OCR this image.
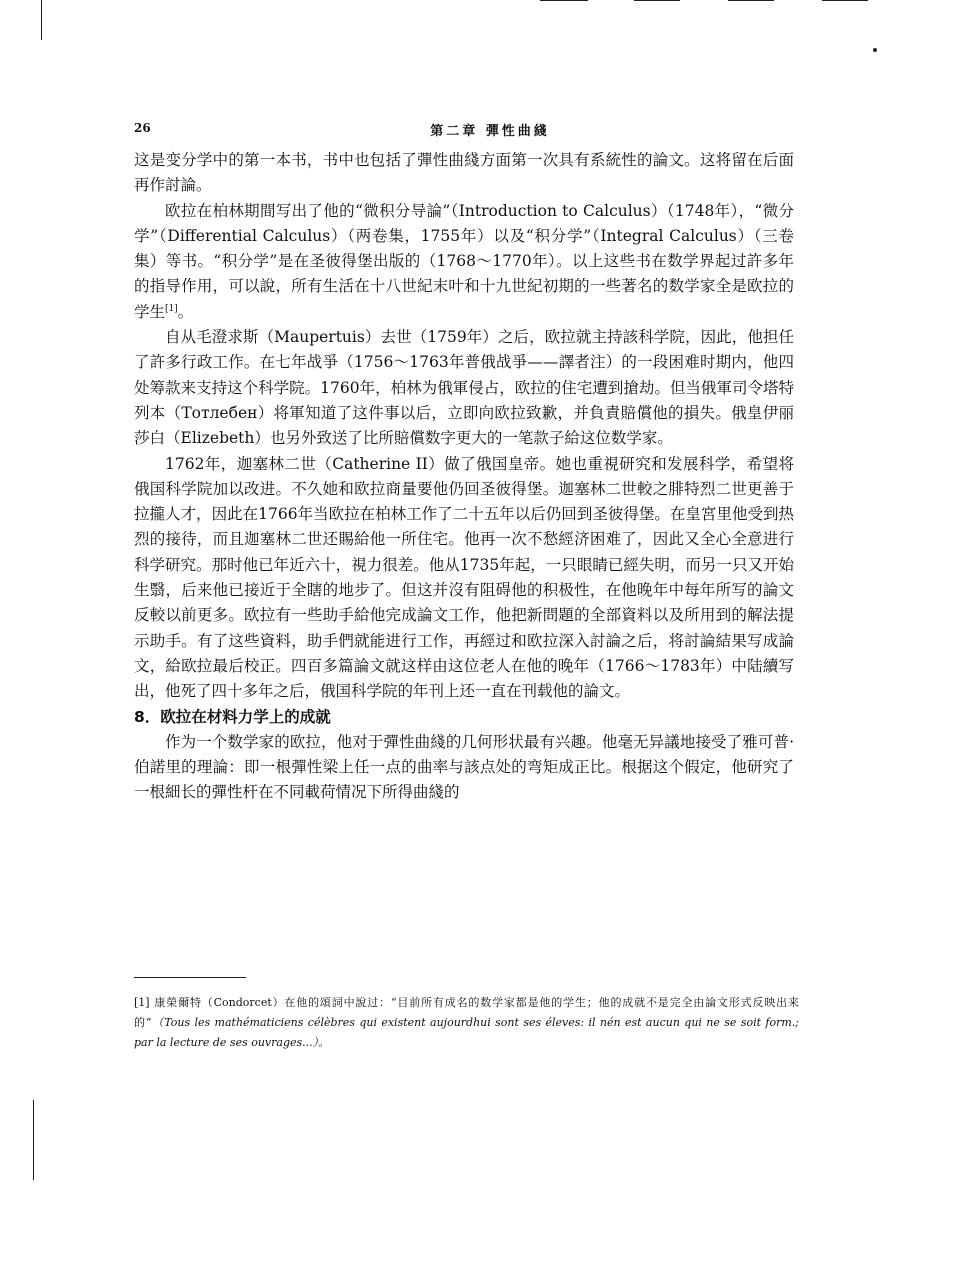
26	第二章 彈性曲綫

这是变分学中的第一本书，书中也包括了彈性曲綫方面第一次具有系統性的論文。这将留在后面再作討論。

欧拉在柏林期間写出了他的“微积分导論”（Introduction to Calculus）（1748年），“微分学”（Differential Calculus）（两卷集，1755年）以及“积分学”（Integral Calculus）（三卷集）等书。“积分学”是在圣彼得堡出版的（1768～1770年）。以上这些书在数学界起过許多年的指导作用，可以說，所有生活在十八世紀末叶和十九世紀初期的一些著名的数学家全是欧拉的学生[1]。

自从毛澄求斯（Maupertuis）去世（1759年）之后，欧拉就主持該科学院，因此，他担任了許多行政工作。在七年战爭（1756～1763年普俄战爭——譯者注）的一段困难时期内，他四处筹款来支持这个科学院。1760年，柏林为俄軍侵占，欧拉的住宅遭到搶劫。但当俄軍司令塔特列本（Тотлебен）将軍知道了这件事以后，立即向欧拉致歉，并負責賠償他的損失。俄皇伊丽莎白（Elizebeth）也另外致送了比所賠償数字更大的一笔款子給这位数学家。

1762年，迦塞林二世（Catherine II）做了俄国皇帝。她也重視研究和发展科学，希望将俄国科学院加以改进。不久她和欧拉商量要他仍回圣彼得堡。迦塞林二世較之腓特烈二世更善于拉攏人才，因此在1766年当欧拉在柏林工作了二十五年以后仍回到圣彼得堡。在皇宮里他受到热烈的接待，而且迦塞林二世还賜給他一所住宅。他再一次不愁經济困难了，因此又全心全意进行科学研究。那时他已年近六十，視力很差。他从1735年起，一只眼睛已經失明，而另一只又开始生翳，后来他已接近于全瞎的地步了。但这并沒有阻碍他的积极性，在他晚年中每年所写的論文反較以前更多。欧拉有一些助手給他完成論文工作，他把新問題的全部資料以及所用到的解法提示助手。有了这些資料，助手們就能进行工作，再經过和欧拉深入討論之后，将討論結果写成論文，給欧拉最后校正。四百多篇論文就这样由这位老人在他的晚年（1766～1783年）中陆續写出，他死了四十多年之后，俄国科学院的年刊上还一直在刊载他的論文。

8．欧拉在材料力学上的成就

作为一个数学家的欧拉，他对于彈性曲綫的几何形状最有兴趣。他毫无异議地接受了雅可普·伯諾里的理論：即一根彈性梁上任一点的曲率与該点处的弯矩成正比。根据这个假定，他研究了一根細长的彈性杆在不同載荷情况下所得曲綫的

[1] 康榮爾特（Condorcet）在他的頌詞中說过：“目前所有成名的数学家都是他的学生；他的成就不是完全由論文形式反映出来的”（Tous les mathématiciens célèbres qui existent aujourdhui sont ses éleves: il nén est aucun qui ne se soit form.; par la lecture de ses ouvrages...）。
